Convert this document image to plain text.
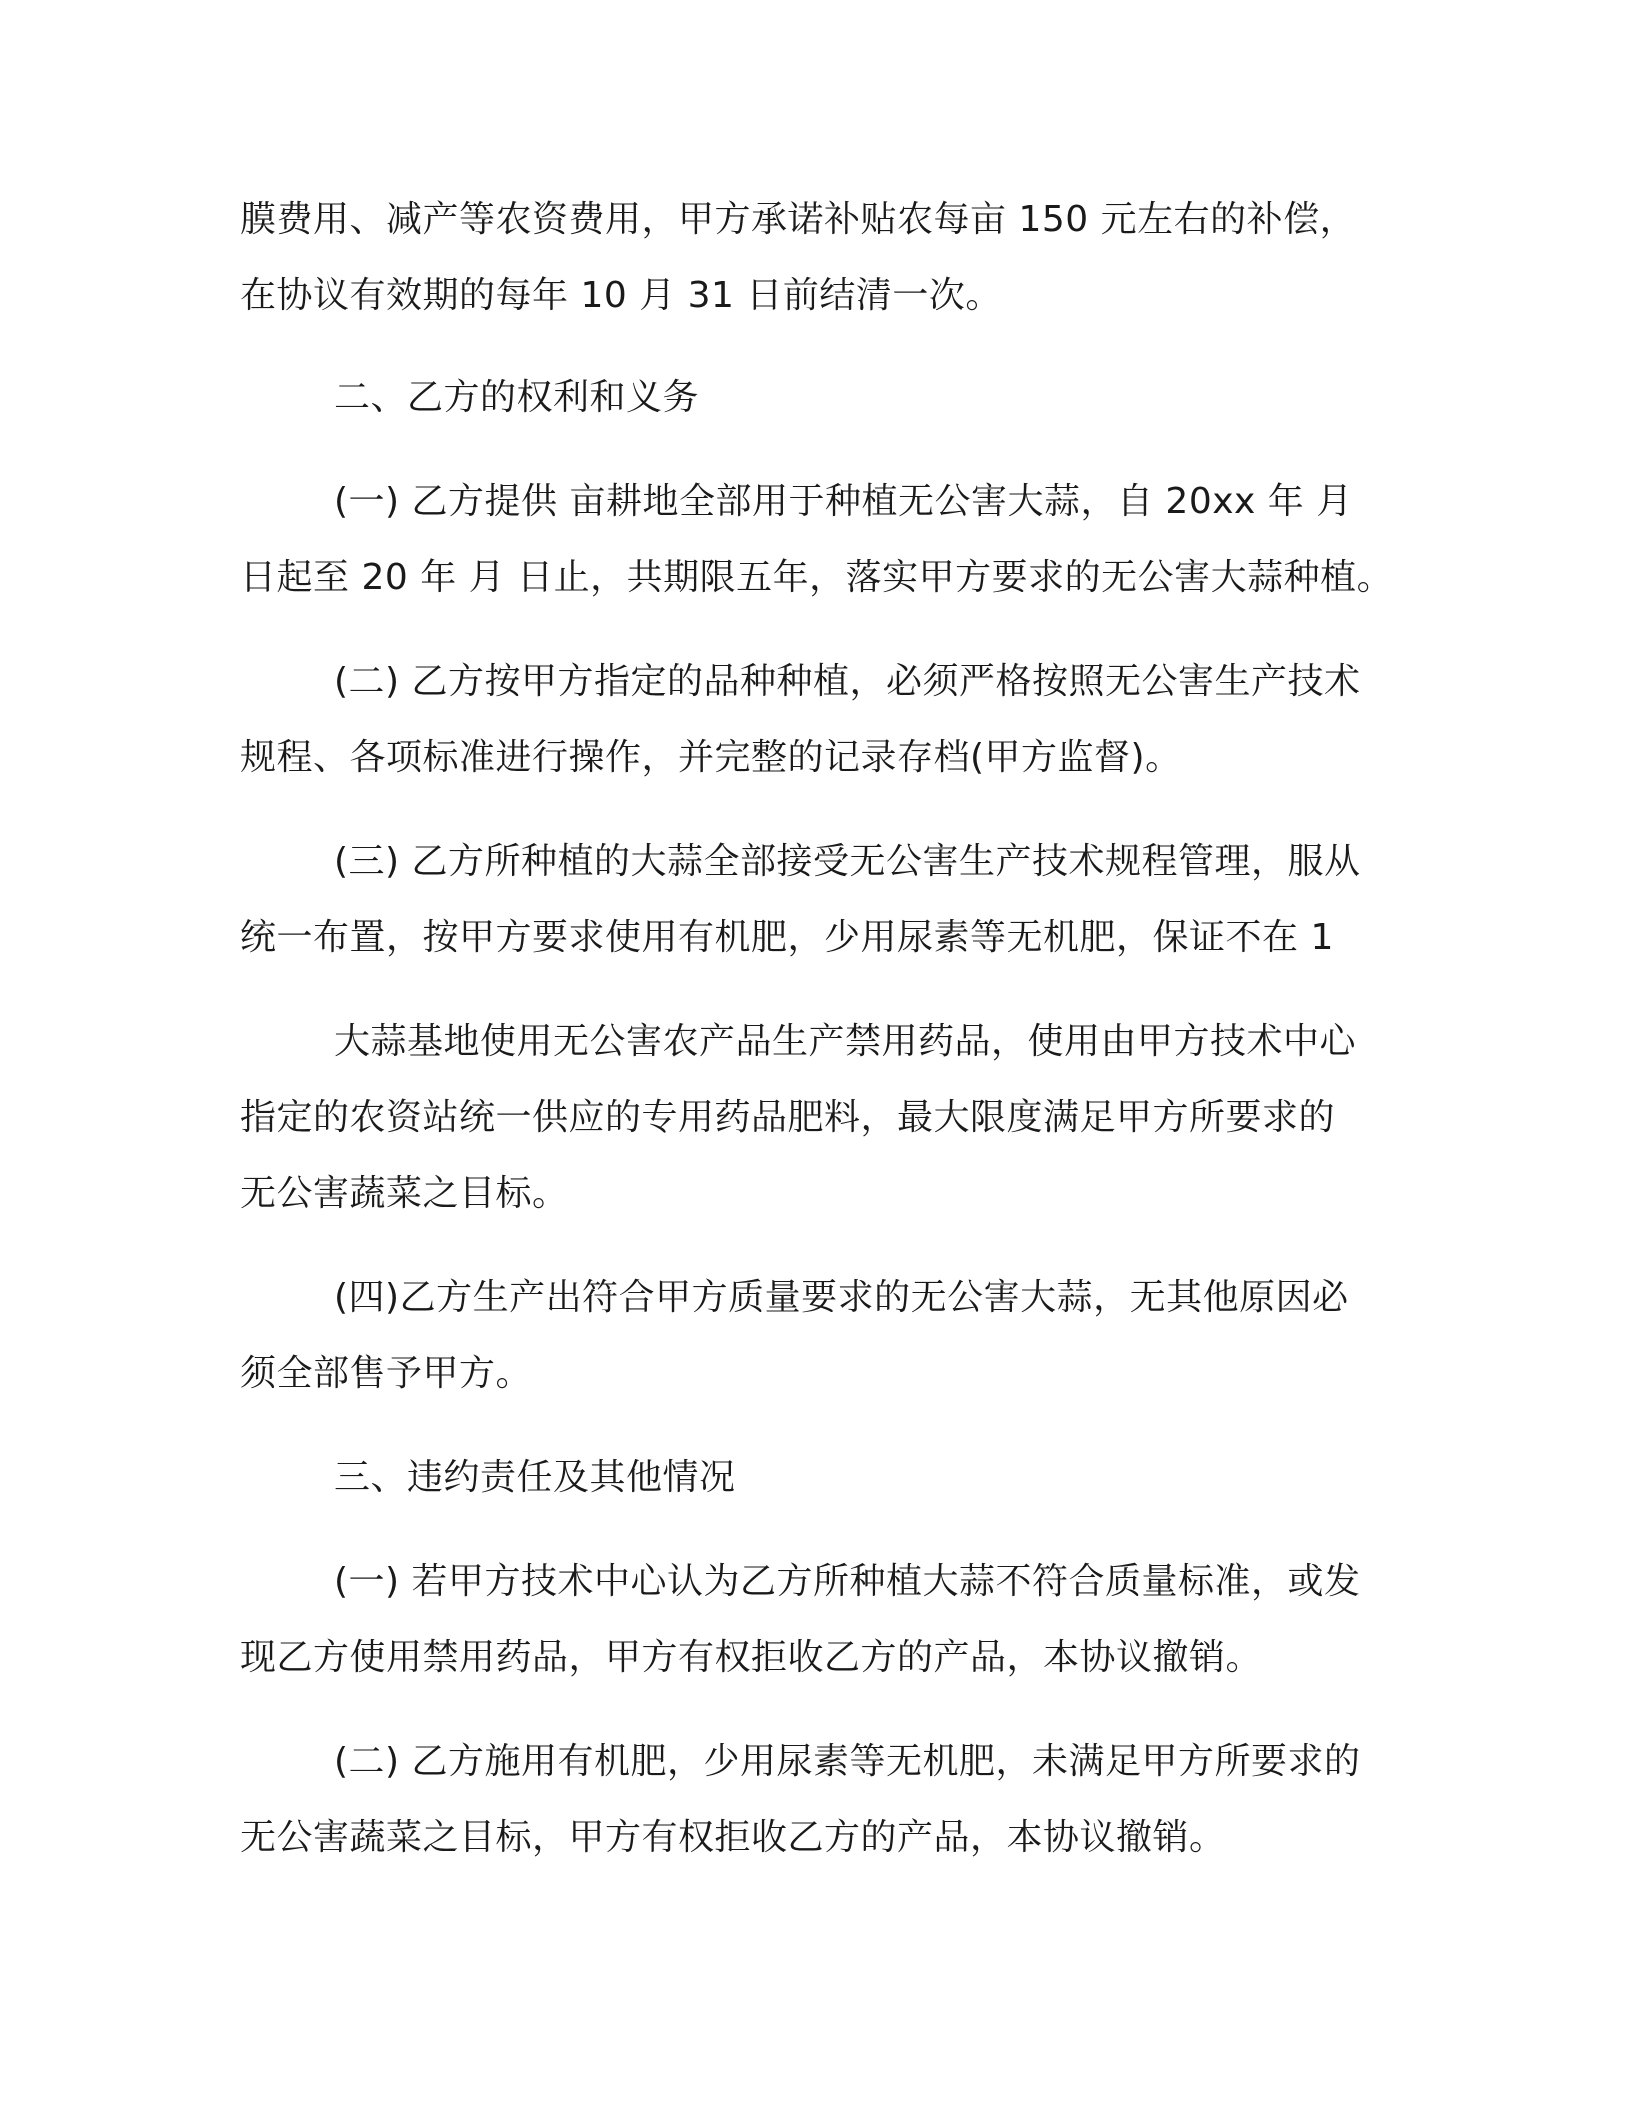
膜费用、减产等农资费用，甲方承诺补贴农每亩 150 元左右的补偿，
在协议有效期的每年 10 月 31 日前结清一次。
二、乙方的权利和义务
(一) 乙方提供 亩耕地全部用于种植无公害大蒜，自 20xx 年 月
日起至 20 年 月 日止，共期限五年，落实甲方要求的无公害大蒜种植。
(二) 乙方按甲方指定的品种种植，必须严格按照无公害生产技术
规程、各项标准进行操作，并完整的记录存档(甲方监督)。
(三) 乙方所种植的大蒜全部接受无公害生产技术规程管理，服从
统一布置，按甲方要求使用有机肥，少用尿素等无机肥，保证不在 1
大蒜基地使用无公害农产品生产禁用药品，使用由甲方技术中心
指定的农资站统一供应的专用药品肥料，最大限度满足甲方所要求的
无公害蔬菜之目标。
(四)乙方生产出符合甲方质量要求的无公害大蒜，无其他原因必
须全部售予甲方。
三、违约责任及其他情况
(一) 若甲方技术中心认为乙方所种植大蒜不符合质量标准，或发
现乙方使用禁用药品，甲方有权拒收乙方的产品，本协议撤销。
(二) 乙方施用有机肥，少用尿素等无机肥，未满足甲方所要求的
无公害蔬菜之目标，甲方有权拒收乙方的产品，本协议撤销。
